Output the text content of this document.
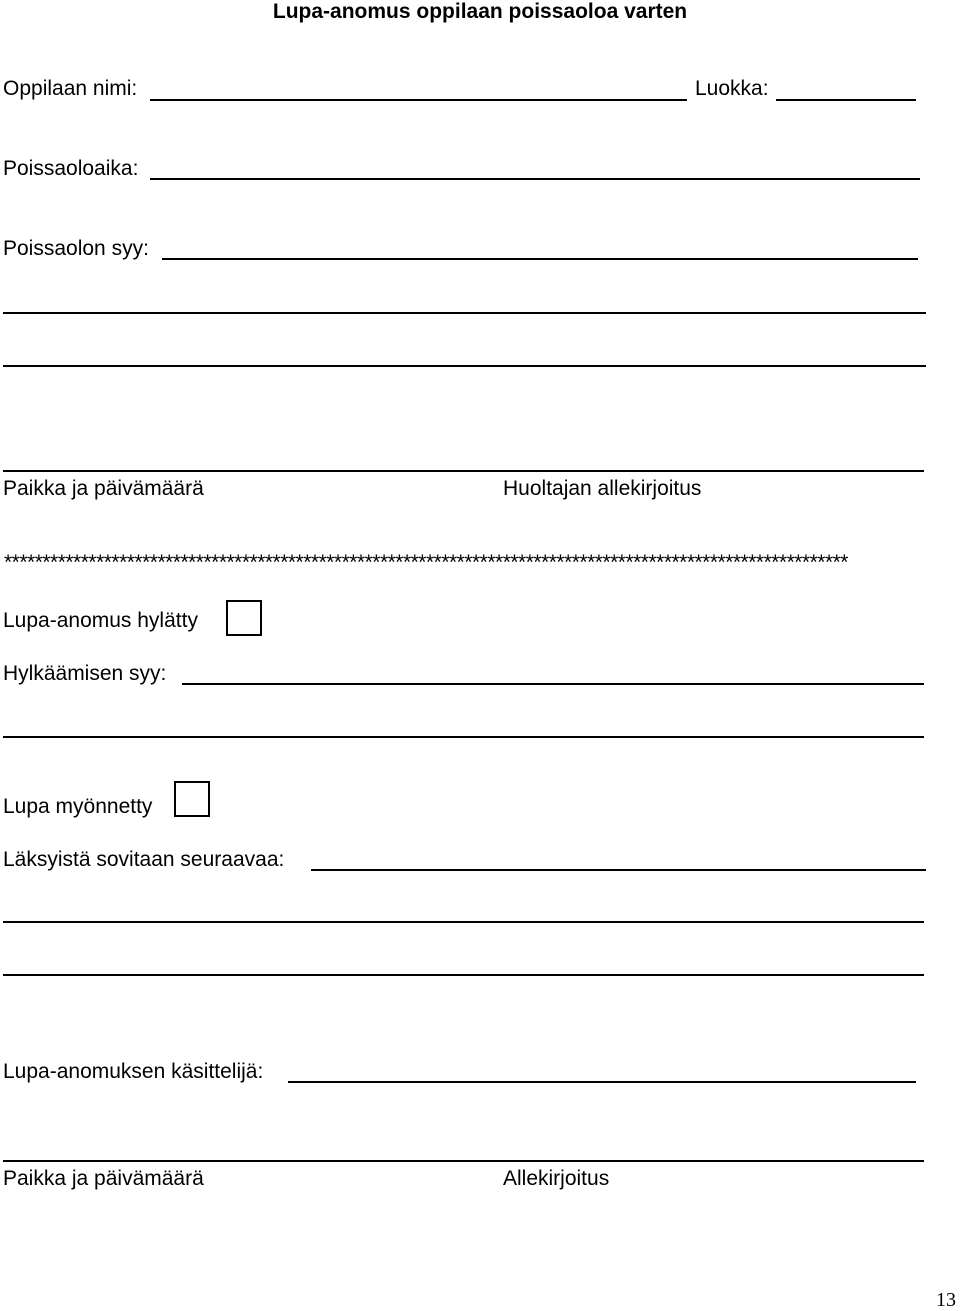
Lupa-anomus oppilaan poissaoloa varten
Oppilaan nimi:	Luokka:
Poissaoloaika:
Poissaolon syy:
Paikka ja päivämäärä	Huoltajan allekirjoitus
**************************************************************************************************************
Lupa-anomus hylätty
Hylkäämisen syy:
Lupa myönnetty
Läksyistä sovitaan seuraavaa:
Lupa-anomuksen käsittelijä:
Paikka ja päivämäärä	Allekirjoitus
13
